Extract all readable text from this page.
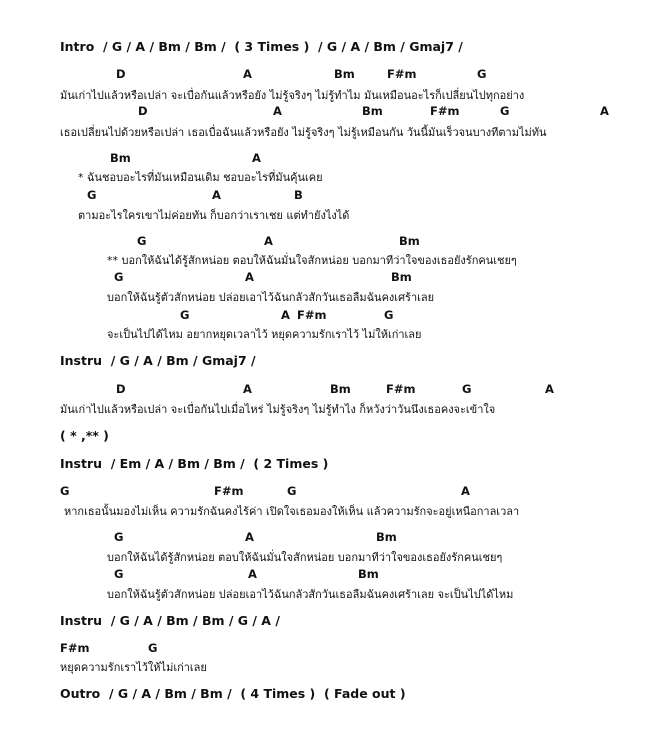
Intro  / G / A / Bm / Bm /  ( 3 Times )  / G / A / Bm / Gmaj7 /

D

	A

	Bm

	F#m

	G

มันเก่าไปแล้วหรือเปล่า จะเบื่อกันแล้วหรือยัง ไม่รู้จริงๆ ไม่รู้ทำไม มันเหมือนอะไรก็เปลี่ยนไปทุกอย่าง

D

	A

	Bm

	F#m

	G

	A

เธอเปลี่ยนไปด้วยหรือเปล่า เธอเบื่อฉันแล้วหรือยัง ไม่รู้จริงๆ ไม่รู้เหมือนกัน วันนี้มันเร็วจนบางทีตามไม่ทัน

Bm

	A

* ฉันชอบอะไรที่มันเหมือนเดิม ชอบอะไรที่มันคุ้นเคย

G

	A

	B

ตามอะไรใครเขาไม่ค่อยทัน ก็บอกว่าเราเชย แต่ทำยังไงได้

G

	A

	Bm

** บอกให้ฉันได้รู้สักหน่อย ตอบให้ฉันมั่นใจสักหน่อย บอกมาทีว่าใจของเธอยังรักคนเชยๆ

G

	A

	Bm

บอกให้ฉันรู้ตัวสักหน่อย ปล่อยเอาไว้ฉันกลัวสักวันเธอลืมฉันคงเศร้าเลย

G

	A

F#m

	G

จะเป็นไปได้ไหม อยากหยุดเวลาไว้ หยุดความรักเราไว้ ไม่ให้เก่าเลย
Instru  / G / A / Bm / Gmaj7 /

D

	A

	Bm

	F#m

	G

	A

มันเก่าไปแล้วหรือเปล่า จะเบื่อกันไปเมื่อไหร่ ไม่รู้จริงๆ ไม่รู้ทำไง ก็หวังว่าวันนึงเธอคงจะเข้าใจ
( * ,** )
Instru  / Em / A / Bm / Bm /  ( 2 Times )

G

	F#m

	G

	A

หากเธอนั้นมองไม่เห็น ความรักฉันคงไร้ค่า เปิดใจเธอมองให้เห็น แล้วความรักจะอยู่เหนือกาลเวลา

G

	A

	Bm

บอกให้ฉันได้รู้สักหน่อย ตอบให้ฉันมั่นใจสักหน่อย บอกมาทีว่าใจของเธอยังรักคนเชยๆ

G

	A

	Bm

บอกให้ฉันรู้ตัวสักหน่อย ปล่อยเอาไว้ฉันกลัวสักวันเธอลืมฉันคงเศร้าเลย จะเป็นไปได้ไหม
Instru  / G / A / Bm / Bm / G / A /

F#m

	G

หยุดความรักเราไว้ให้ไม่เก่าเลย
Outro  / G / A / Bm / Bm /  ( 4 Times )  ( Fade out )
